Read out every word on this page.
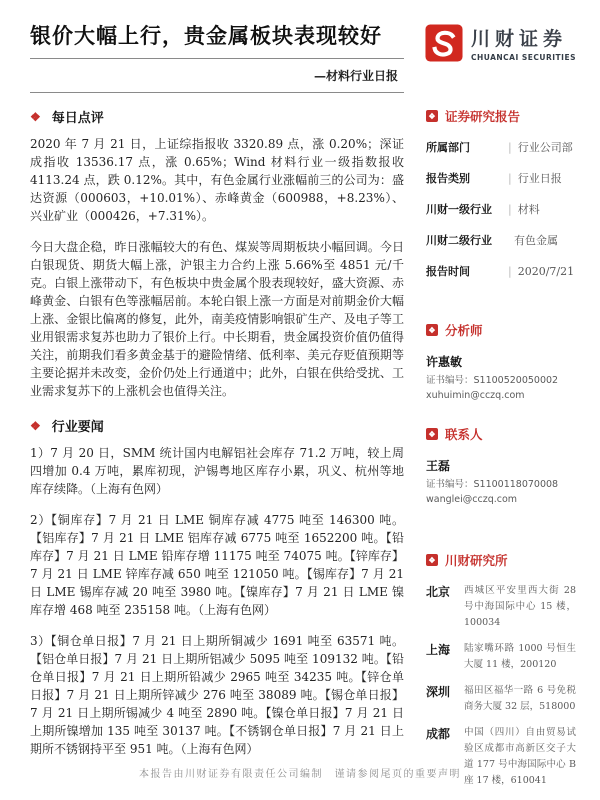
银价大幅上行，贵金属板块表现较好
—材料行业日报
川财证券
CHUANCAI SECURITIES
❖ 每日点评

2020 年 7 月 21 日，上证综指报收 3320.89 点，涨 0.20%；深证成指收 13536.17 点，涨 0.65%；Wind 材料行业一级指数报收 4113.24 点，跌 0.12%。其中，有色金属行业涨幅前三的公司为：盛达资源（000603，+10.01%）、赤峰黄金（600988，+8.23%）、兴业矿业（000426，+7.31%）。

今日大盘企稳，昨日涨幅较大的有色、煤炭等周期板块小幅回调。今日白银现货、期货大幅上涨，沪银主力合约上涨 5.66%至 4851 元/千克。白银上涨带动下，有色板块中贵金属个股表现较好，盛大资源、赤峰黄金、白银有色等涨幅居前。本轮白银上涨一方面是对前期金价大幅上涨、金银比偏离的修复，此外，南美疫情影响银矿生产、及电子等工业用银需求复苏也助力了银价上行。中长期看，贵金属投资价值仍值得关注，前期我们看多黄金基于的避险情绪、低利率、美元存贬值预期等主要论据并未改变，金价仍处上行通道中；此外，白银在供给受扰、工业需求复苏下的上涨机会也值得关注。

❖ 行业要闻

1）7 月 20 日，SMM 统计国内电解铝社会库存 71.2 万吨，较上周四增加 0.4 万吨，累库初现，沪锡粤地区库存小累，巩义、杭州等地库存续降。（上海有色网）

2）【铜库存】7 月 21 日 LME 铜库存减 4775 吨至 146300 吨。【铝库存】7 月 21 日 LME 铝库存减 6775 吨至 1652200 吨。【铅库存】7 月 21 日 LME 铅库存增 11175 吨至 74075 吨。【锌库存】7 月 21 日 LME 锌库存减 650 吨至 121050 吨。【锡库存】7 月 21 日 LME 锡库存减 20 吨至 3980 吨。【镍库存】7 月 21 日 LME 镍库存增 468 吨至 235158 吨。（上海有色网）

3）【铜仓单日报】7 月 21 日上期所铜减少 1691 吨至 63571 吨。【铝仓单日报】7 月 21 日上期所铝减少 5095 吨至 109132 吨。【铅仓单日报】7 月 21 日上期所铅减少 2965 吨至 34235 吨。【锌仓单日报】7 月 21 日上期所锌减少 276 吨至 38089 吨。【锡仓单日报】7 月 21 日上期所锡减少 4 吨至 2890 吨。【镍仓单日报】7 月 21 日上期所镍增加 135 吨至 30137 吨。【不锈钢仓单日报】7 月 21 日上期所不锈钢持平至 951 吨。（上海有色网）

❖ 证券研究报告
所属部门	| 行业公司部
报告类别	| 行业日报
川财一级行业	| 材料
川财二级行业	有色金属
报告时间	| 2020/7/21
❖ 分析师
许惠敏
证书编号：S1100520050002
xuhuimin@cczq.com
❖ 联系人
王磊
证书编号：S1100118070008
wanglei@cczq.com
❖ 川财研究所
北京	西城区平安里西大街 28 号中海国际中心 15 楼，100034
上海	陆家嘴环路 1000 号恒生大厦 11 楼，200120
深圳	福田区福华一路 6 号免税商务大厦 32 层，518000
成都	中国（四川）自由贸易试验区成都市高新区交子大道 177 号中海国际中心 B 座 17 楼，610041
本报告由川财证券有限责任公司编制　谨请参阅尾页的重要声明
